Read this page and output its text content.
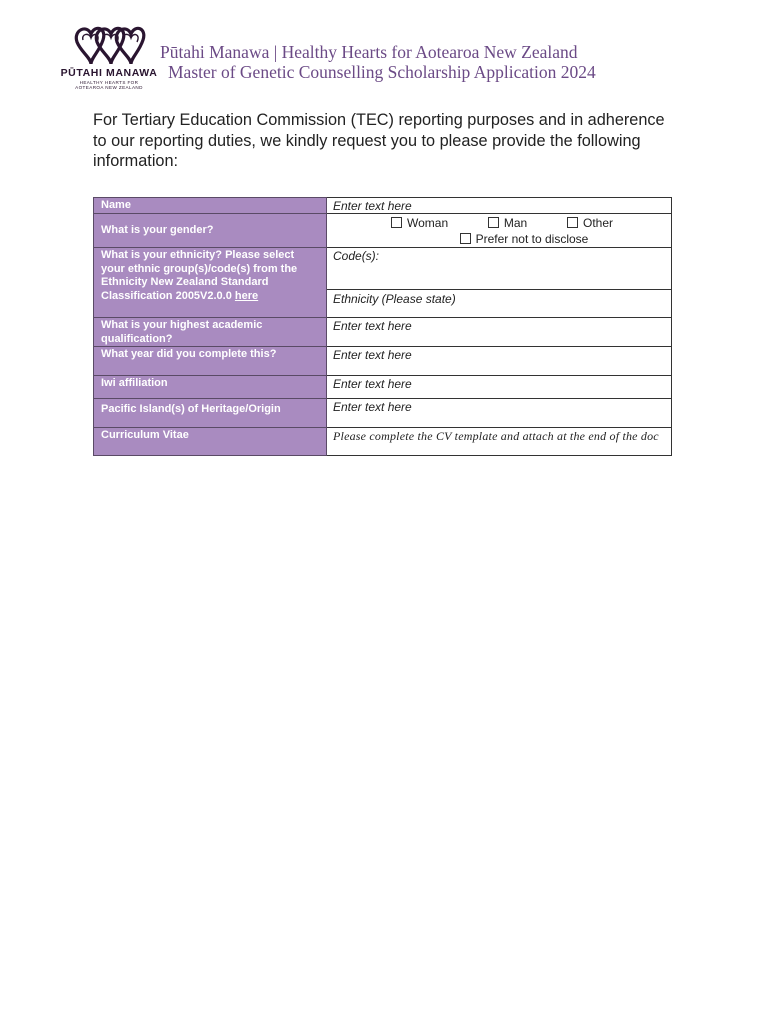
PŪTAHI MANAWA
HEALTHY HEARTS FOR AOTEAROA NEW ZEALAND
Pūtahi Manawa | Healthy Hearts for Aotearoa New Zealand
Master of Genetic Counselling Scholarship Application 2024
For Tertiary Education Commission (TEC) reporting purposes and in adherence to our reporting duties, we kindly request you to please provide the following information:
Name	Enter text here
What is your gender?	Woman Man Other
Prefer not to disclose

What is your ethnicity? Please select your ethnic group(s)/code(s) from the Ethnicity New Zealand Standard Classification 2005V2.0.0 here	Code(s):
Ethnicity (Please state)

What is your highest academic qualification?	Enter text here
What year did you complete this?	Enter text here
Iwi affiliation	Enter text here
Pacific Island(s) of Heritage/Origin	Enter text here
Curriculum Vitae	Please complete the CV template and attach at the end of the doc
